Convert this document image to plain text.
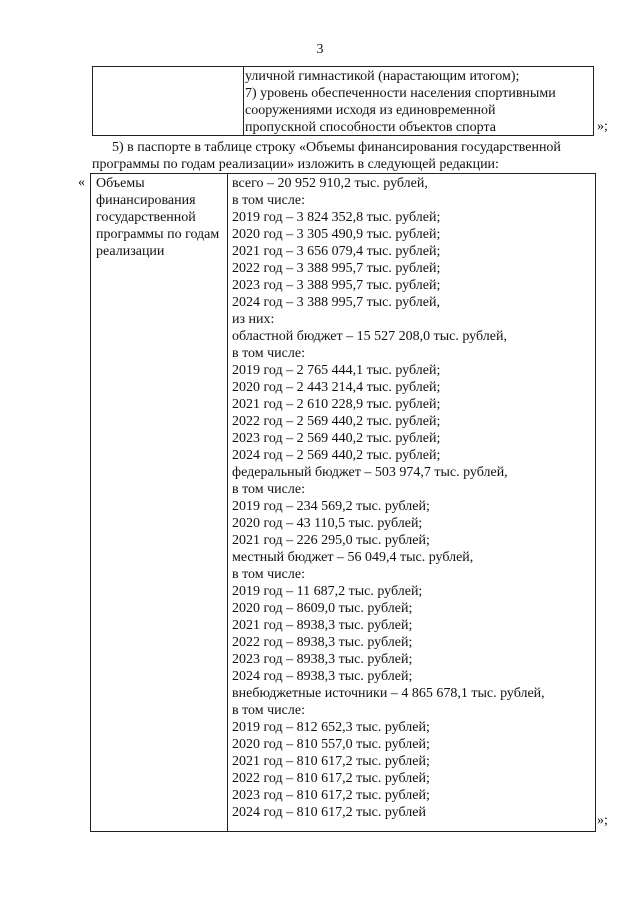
3
уличной гимнастикой (нарастающим итогом);
7) уровень обеспеченности населения спортивными
сооружениями исходя из единовременной
пропускной способности объектов спорта	»;
5) в паспорте в таблице строку «Объемы финансирования государственной
программы по годам реализации» изложить в следующей редакции:
« Объемы
финансирования
государственной
программы по годам
реализации
всего – 20 952 910,2 тыс. рублей,
в том числе:
2019 год – 3 824 352,8 тыс. рублей;
2020 год – 3 305 490,9 тыс. рублей;
2021 год – 3 656 079,4 тыс. рублей;
2022 год – 3 388 995,7 тыс. рублей;
2023 год – 3 388 995,7 тыс. рублей;
2024 год – 3 388 995,7 тыс. рублей,
из них:
областной бюджет – 15 527 208,0 тыс. рублей,
в том числе:
2019 год – 2 765 444,1 тыс. рублей;
2020 год – 2 443 214,4 тыс. рублей;
2021 год – 2 610 228,9 тыс. рублей;
2022 год – 2 569 440,2 тыс. рублей;
2023 год – 2 569 440,2 тыс. рублей;
2024 год – 2 569 440,2 тыс. рублей;
федеральный бюджет – 503 974,7 тыс. рублей,
в том числе:
2019 год – 234 569,2 тыс. рублей;
2020 год – 43 110,5 тыс. рублей;
2021 год – 226 295,0 тыс. рублей;
местный бюджет – 56 049,4 тыс. рублей,
в том числе:
2019 год – 11 687,2 тыс. рублей;
2020 год – 8609,0 тыс. рублей;
2021 год – 8938,3 тыс. рублей;
2022 год – 8938,3 тыс. рублей;
2023 год – 8938,3 тыс. рублей;
2024 год – 8938,3 тыс. рублей;
внебюджетные источники – 4 865 678,1 тыс. рублей,
в том числе:
2019 год – 812 652,3 тыс. рублей;
2020 год – 810 557,0 тыс. рублей;
2021 год – 810 617,2 тыс. рублей;
2022 год – 810 617,2 тыс. рублей;
2023 год – 810 617,2 тыс. рублей;
2024 год – 810 617,2 тыс. рублей
»;
